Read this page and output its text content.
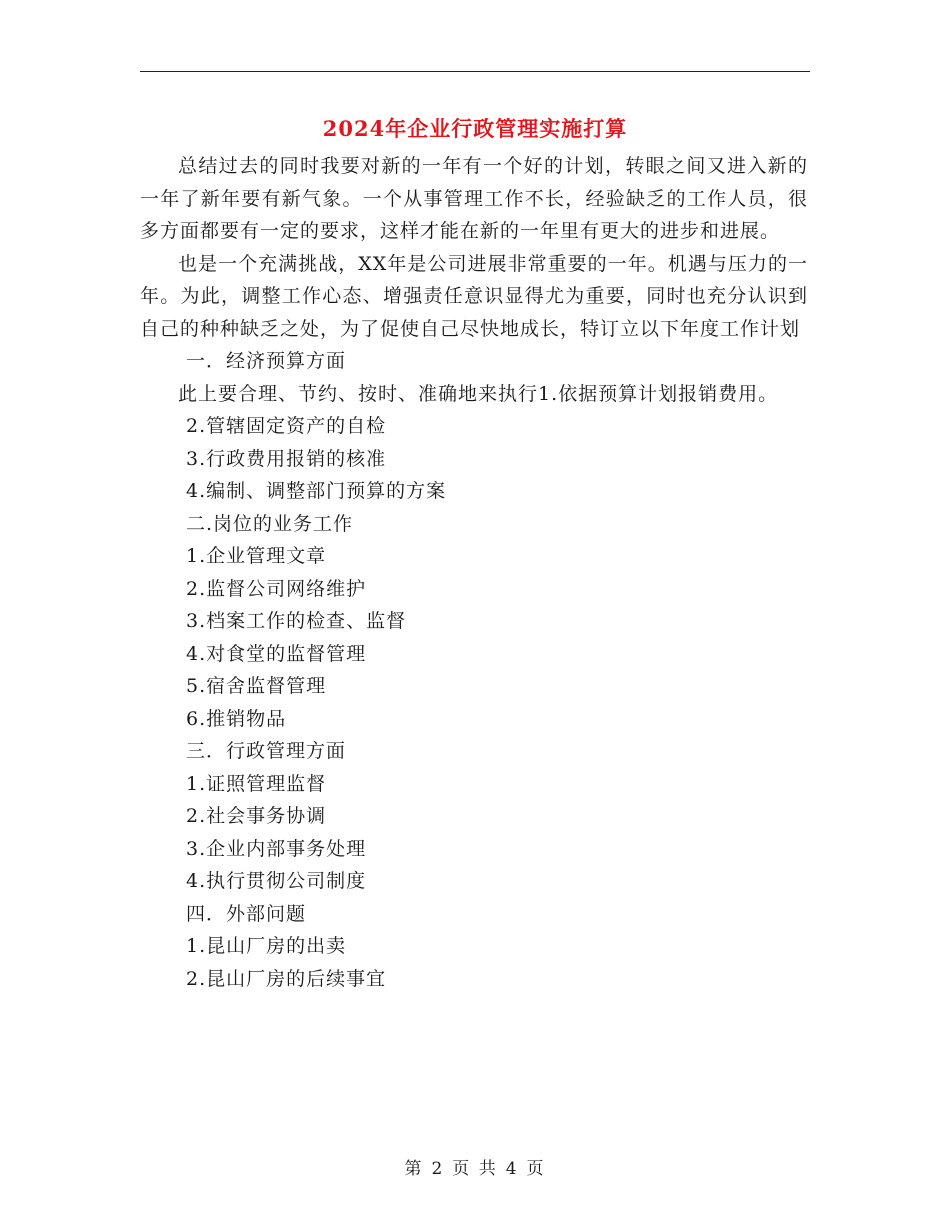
2024年企业行政管理实施打算

总结过去的同时我要对新的一年有一个好的计划，转眼之间又进入新的一年了新年要有新气象。一个从事管理工作不长，经验缺乏的工作人员，很多方面都要有一定的要求，这样才能在新的一年里有更大的进步和进展。

也是一个充满挑战，XX年是公司进展非常重要的一年。机遇与压力的一年。为此，调整工作心态、增强责任意识显得尤为重要，同时也充分认识到自己的种种缺乏之处，为了促使自己尽快地成长，特订立以下年度工作计划

一．经济预算方面

此上要合理、节约、按时、准确地来执行1.依据预算计划报销费用。

2.管辖固定资产的自检

3.行政费用报销的核准

4.编制、调整部门预算的方案

二.岗位的业务工作

1.企业管理文章

2.监督公司网络维护

3.档案工作的检查、监督

4.对食堂的监督管理

5.宿舍监督管理

6.推销物品

三．行政管理方面

1.证照管理监督

2.社会事务协调

3.企业内部事务处理

4.执行贯彻公司制度

四．外部问题

1.昆山厂房的出卖

2.昆山厂房的后续事宜

第 2 页 共 4 页
